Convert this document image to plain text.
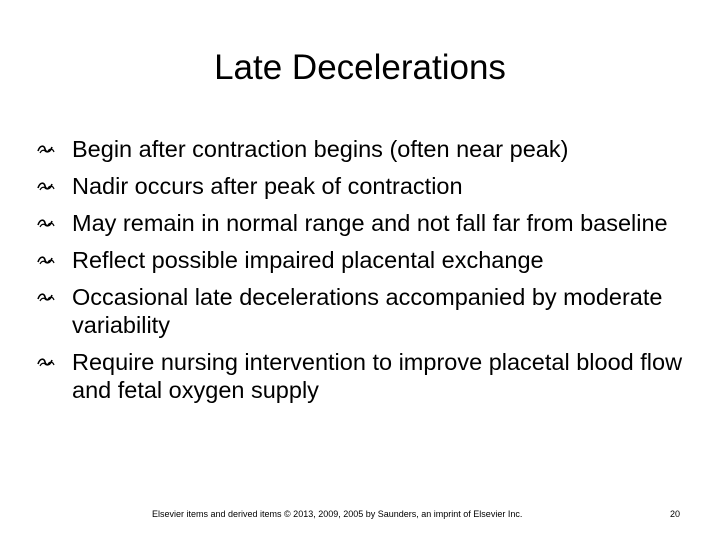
Late Decelerations
Begin after contraction begins (often near peak)
Nadir occurs after peak of contraction
May remain in normal range and not fall far from baseline
Reflect possible impaired placental exchange
Occasional late decelerations accompanied by moderate variability
Require nursing intervention to improve placetal blood flow and fetal oxygen supply
Elsevier items and derived items © 2013, 2009, 2005 by Saunders, an imprint of Elsevier Inc.	20
